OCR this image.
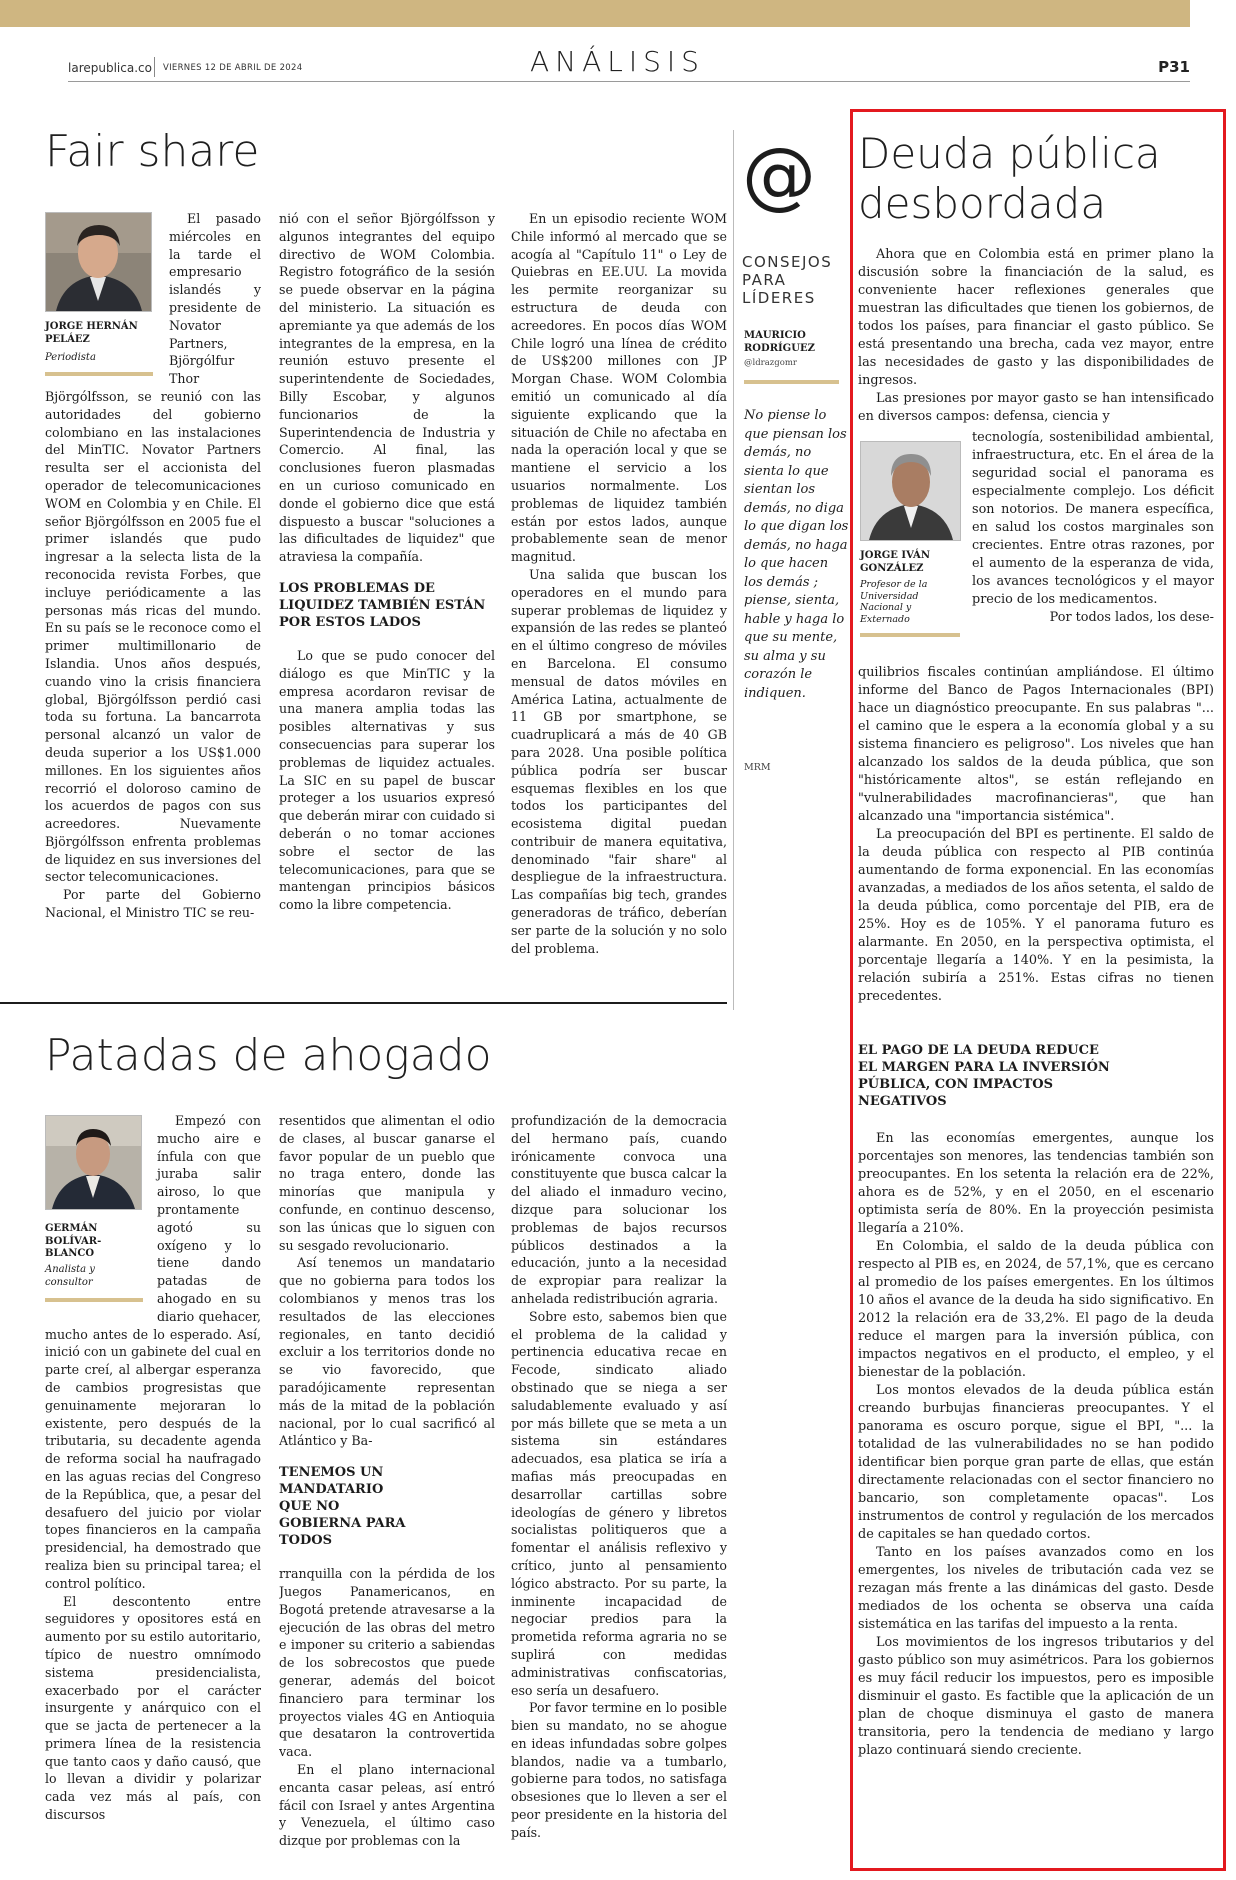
larepublica.co VIERNES 12 DE ABRIL DE 2024	ANÁLISIS	P31
Fair share
JORGE HERNÁN PELÁEZ
Periodista

El pasado miércoles en la tarde el empresario islandés y presidente de Novator Partners, Björgólfur Thor Björgólfsson, se reunió con las autoridades del gobierno colombiano en las instalaciones del MinTIC. Novator Partners resulta ser el accionista del operador de telecomunicaciones WOM en Colombia y en Chile. El señor Björgólfsson en 2005 fue el primer islandés que pudo ingresar a la selecta lista de la reconocida revista Forbes, que incluye periódicamente a las personas más ricas del mundo. En su país se le reconoce como el primer multimillonario de Islandia. Unos años después, cuando vino la crisis financiera global, Björgólfsson perdió casi toda su fortuna. La bancarrota personal alcanzó un valor de deuda superior a los US$1.000 millones. En los siguientes años recorrió el doloroso camino de los acuerdos de pagos con sus acreedores. Nuevamente Björgólfsson enfrenta problemas de liquidez en sus inversiones del sector telecomunicaciones.

Por parte del Gobierno Nacional, el Ministro TIC se reu-

nió con el señor Björgólfsson y algunos integrantes del equipo directivo de WOM Colombia. Registro fotográfico de la sesión se puede observar en la página del ministerio. La situación es apremiante ya que además de los integrantes de la empresa, en la reunión estuvo presente el superintendente de Sociedades, Billy Escobar, y algunos funcionarios de la Superintendencia de Industria y Comercio. Al final, las conclusiones fueron plasmadas en un curioso comunicado en donde el gobierno dice que está dispuesto a buscar "soluciones a las dificultades de liquidez" que atraviesa la compañía.

LOS PROBLEMAS DE LIQUIDEZ TAMBIÉN ESTÁN POR ESTOS LADOS

Lo que se pudo conocer del diálogo es que MinTIC y la empresa acordaron revisar de una manera amplia todas las posibles alternativas y sus consecuencias para superar los problemas de liquidez actuales. La SIC en su papel de buscar proteger a los usuarios expresó que deberán mirar con cuidado si deberán o no tomar acciones sobre el sector de las telecomunicaciones, para que se mantengan principios básicos como la libre competencia.

En un episodio reciente WOM Chile informó al mercado que se acogía al "Capítulo 11" o Ley de Quiebras en EE.UU. La movida les permite reorganizar su estructura de deuda con acreedores. En pocos días WOM Chile logró una línea de crédito de US$200 millones con JP Morgan Chase. WOM Colombia emitió un comunicado al día siguiente explicando que la situación de Chile no afectaba en nada la operación local y que se mantiene el servicio a los usuarios normalmente. Los problemas de liquidez también están por estos lados, aunque probablemente sean de menor magnitud.

Una salida que buscan los operadores en el mundo para superar problemas de liquidez y expansión de las redes se planteó en el último congreso de móviles en Barcelona. El consumo mensual de datos móviles en América Latina, actualmente de 11 GB por smartphone, se cuadruplicará a más de 40 GB para 2028. Una posible política pública podría ser buscar esquemas flexibles en los que todos los participantes del ecosistema digital puedan contribuir de manera equitativa, denominado "fair share" al despliegue de la infraestructura. Las compañías big tech, grandes generadoras de tráfico, deberían ser parte de la solución y no solo del problema.

Patadas de ahogado
GERMÁN BOLÍVAR-BLANCO
Analista y consultor

Empezó con mucho aire e ínfula con que juraba salir airoso, lo que prontamente agotó su oxígeno y lo tiene dando patadas de ahogado en su diario quehacer, mucho antes de lo esperado. Así, inició con un gabinete del cual en parte creí, al albergar esperanza de cambios progresistas que genuinamente mejoraran lo existente, pero después de la tributaria, su decadente agenda de reforma social ha naufragado en las aguas recias del Congreso de la República, que, a pesar del desafuero del juicio por violar topes financieros en la campaña presidencial, ha demostrado que realiza bien su principal tarea; el control político.

El descontento entre seguidores y opositores está en aumento por su estilo autoritario, típico de nuestro omnímodo sistema presidencialista, exacerbado por el carácter insurgente y anárquico con el que se jacta de pertenecer a la primera línea de la resistencia que tanto caos y daño causó, que lo llevan a dividir y polarizar cada vez más al país, con discursos

resentidos que alimentan el odio de clases, al buscar ganarse el favor popular de un pueblo que no traga entero, donde las minorías que manipula y confunde, en continuo descenso, son las únicas que lo siguen con su sesgado revolucionario.

Así tenemos un mandatario que no gobierna para todos los colombianos y menos tras los resultados de las elecciones regionales, en tanto decidió excluir a los territorios donde no se vio favorecido, que paradójicamente representan más de la mitad de la población nacional, por lo cual sacrificó al Atlántico y Ba-

TENEMOS UN MANDATARIO QUE NO GOBIERNA PARA TODOS

rranquilla con la pérdida de los Juegos Panamericanos, en Bogotá pretende atravesarse a la ejecución de las obras del metro e imponer su criterio a sabiendas de los sobrecostos que puede generar, además del boicot financiero para terminar los proyectos viales 4G en Antioquia que desataron la controvertida vaca.

En el plano internacional encanta casar peleas, así entró fácil con Israel y antes Argentina y Venezuela, el último caso dizque por problemas con la

profundización de la democracia del hermano país, cuando irónicamente convoca una constituyente que busca calcar la del aliado el inmaduro vecino, dizque para solucionar los problemas de bajos recursos públicos destinados a la educación, junto a la necesidad de expropiar para realizar la anhelada redistribución agraria.

Sobre esto, sabemos bien que el problema de la calidad y pertinencia educativa recae en Fecode, sindicato aliado obstinado que se niega a ser saludablemente evaluado y así por más billete que se meta a un sistema sin estándares adecuados, esa platica se iría a mafias más preocupadas en desarrollar cartillas sobre ideologías de género y libretos socialistas politiqueros que a fomentar el análisis reflexivo y crítico, junto al pensamiento lógico abstracto. Por su parte, la inminente incapacidad de negociar predios para la prometida reforma agraria no se suplirá con medidas administrativas confiscatorias, eso sería un desafuero.

Por favor termine en lo posible bien su mandato, no se ahogue en ideas infundadas sobre golpes blandos, nadie va a tumbarlo, gobierne para todos, no satisfaga obsesiones que lo lleven a ser el peor presidente en la historia del país.

@
CONSEJOS PARA LÍDERES
MAURICIO RODRÍGUEZ
@ldrazgomr
No piense lo que piensan los demás, no sienta lo que sientan los demás, no diga lo que digan los demás, no haga lo que hacen los demás ; piense, sienta, hable y haga lo que su mente, su alma y su corazón le indiquen.
MRM
Deuda pública
desbordada

Ahora que en Colombia está en primer plano la discusión sobre la financiación de la salud, es conveniente hacer reflexiones generales que muestran las dificultades que tienen los gobiernos, de todos los países, para financiar el gasto público. Se está presentando una brecha, cada vez mayor, entre las necesidades de gasto y las disponibilidades de ingresos.

Las presiones por mayor gasto se han intensificado en diversos campos: defensa, ciencia y

JORGE IVÁN GONZÁLEZ
Profesor de la Universidad Nacional y Externado

tecnología, sostenibilidad ambiental, infraestructura, etc. En el área de la seguridad social el panorama es especialmente complejo. Los déficit son notorios. De manera específica, en salud los costos marginales son crecientes. Entre otras razones, por el aumento de la esperanza de vida, los avances tecnológicos y el mayor precio de los medicamentos.

Por todos lados, los dese-

quilibrios fiscales continúan ampliándose. El último informe del Banco de Pagos Internacionales (BPI) hace un diagnóstico preocupante. En sus palabras "... el camino que le espera a la economía global y a su sistema financiero es peligroso". Los niveles que han alcanzado los saldos de la deuda pública, que son "históricamente altos", se están reflejando en "vulnerabilidades macrofinancieras", que han alcanzado una "importancia sistémica".

La preocupación del BPI es pertinente. El saldo de la deuda pública con respecto al PIB continúa aumentando de forma exponencial. En las economías avanzadas, a mediados de los años setenta, el saldo de la deuda pública, como porcentaje del PIB, era de 25%. Hoy es de 105%. Y el panorama futuro es alarmante. En 2050, en la perspectiva optimista, el porcentaje llegaría a 140%. Y en la pesimista, la relación subiría a 251%. Estas cifras no tienen precedentes.

EL PAGO DE LA DEUDA REDUCE EL MARGEN PARA LA INVERSIÓN PÚBLICA, CON IMPACTOS NEGATIVOS

En las economías emergentes, aunque los porcentajes son menores, las tendencias también son preocupantes. En los setenta la relación era de 22%, ahora es de 52%, y en el 2050, en el escenario optimista sería de 80%. En la proyección pesimista llegaría a 210%.

En Colombia, el saldo de la deuda pública con respecto al PIB es, en 2024, de 57,1%, que es cercano al promedio de los países emergentes. En los últimos 10 años el avance de la deuda ha sido significativo. En 2012 la relación era de 33,2%. El pago de la deuda reduce el margen para la inversión pública, con impactos negativos en el producto, el empleo, y el bienestar de la población.

Los montos elevados de la deuda pública están creando burbujas financieras preocupantes. Y el panorama es oscuro porque, sigue el BPI, "... la totalidad de las vulnerabilidades no se han podido identificar bien porque gran parte de ellas, que están directamente relacionadas con el sector financiero no bancario, son completamente opacas". Los instrumentos de control y regulación de los mercados de capitales se han quedado cortos.

Tanto en los países avanzados como en los emergentes, los niveles de tributación cada vez se rezagan más frente a las dinámicas del gasto. Desde mediados de los ochenta se observa una caída sistemática en las tarifas del impuesto a la renta.

Los movimientos de los ingresos tributarios y del gasto público son muy asimétricos. Para los gobiernos es muy fácil reducir los impuestos, pero es imposible disminuir el gasto. Es factible que la aplicación de un plan de choque disminuya el gasto de manera transitoria, pero la tendencia de mediano y largo plazo continuará siendo creciente.
